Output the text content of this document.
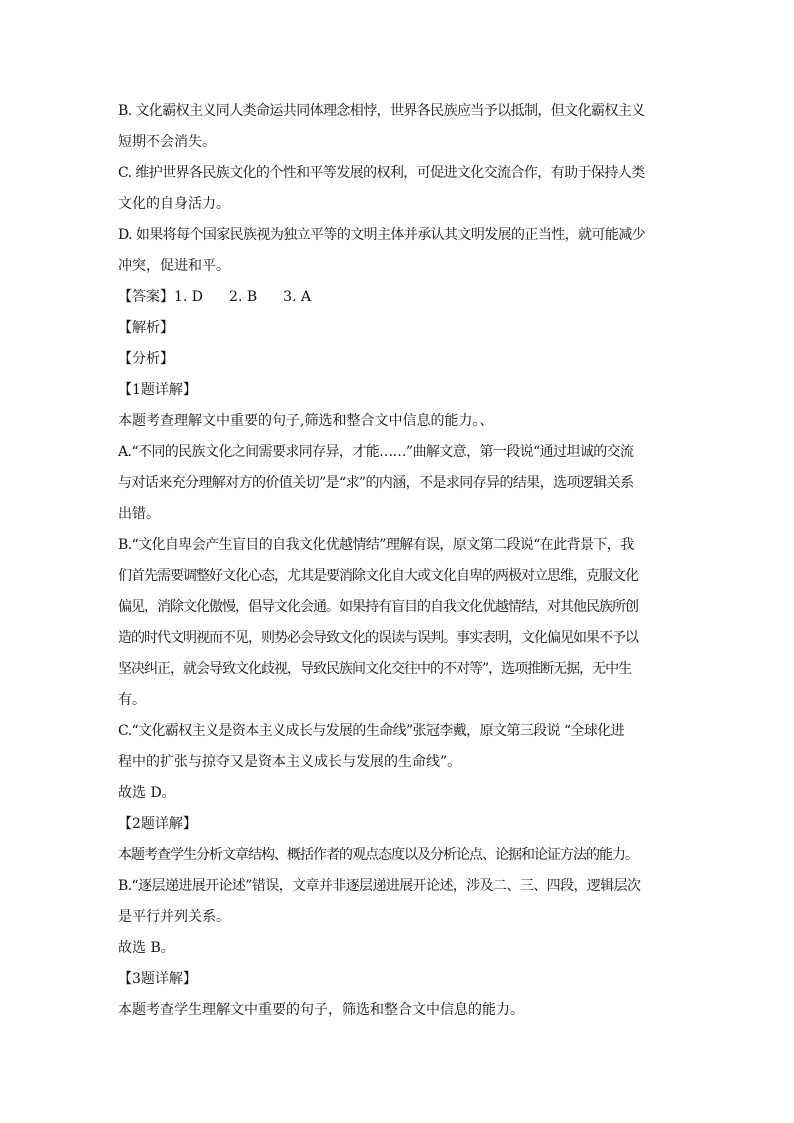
B. 文化霸权主义同人类命运共同体理念相悖，世界各民族应当予以抵制，但文化霸权主义
短期不会消失。
C. 维护世界各民族文化的个性和平等发展的权利，可促进文化交流合作，有助于保持人类
文化的自身活力。
D. 如果将每个国家民族视为独立平等的文明主体并承认其文明发展的正当性，就可能减少
冲突，促进和平。
【答案】1. D 2. B 3. A
【解析】
【分析】
【1题详解】
本题考查理解文中重要的句子,筛选和整合文中信息的能力。、
A.“不同的民族文化之间需要求同存异，才能……”曲解文意，第一段说“通过坦诚的交流
与对话来充分理解对方的价值关切”是“求”的内涵，不是求同存异的结果，选项逻辑关系
出错。
B.“文化自卑会产生盲目的自我文化优越情结”理解有误，原文第二段说“在此背景下，我
们首先需要调整好文化心态，尤其是要消除文化自大或文化自卑的两极对立思维，克服文化
偏见，消除文化傲慢，倡导文化会通。如果持有盲目的自我文化优越情结，对其他民族所创
造的时代文明视而不见，则势必会导致文化的误读与误判。事实表明，文化偏见如果不予以
坚决纠正，就会导致文化歧视，导致民族间文化交往中的不对等”，选项推断无据，无中生
有。
C.“文化霸权主义是资本主义成长与发展的生命线”张冠李戴，原文第三段说 “全球化进
程中的扩张与掠夺又是资本主义成长与发展的生命线”。
故选 D。
【2题详解】
本题考查学生分析文章结构、概括作者的观点态度以及分析论点、论据和论证方法的能力。
B.“逐层递进展开论述”错误，文章并非逐层递进展开论述，涉及二、三、四段，逻辑层次
是平行并列关系。
故选 B。
【3题详解】
本题考查学生理解文中重要的句子，筛选和整合文中信息的能力。
